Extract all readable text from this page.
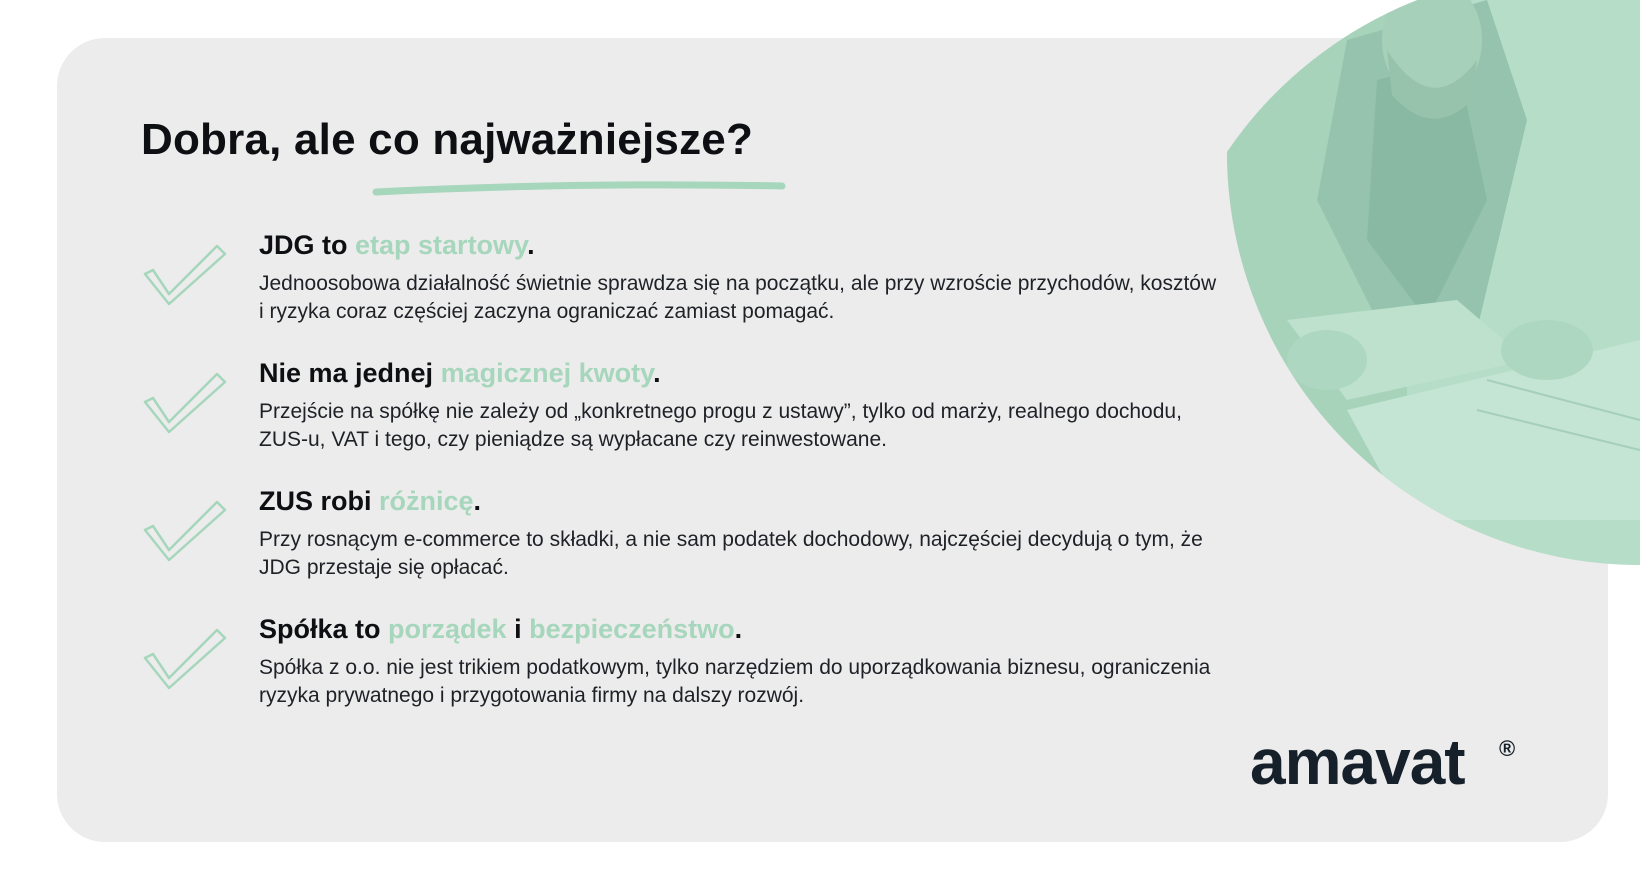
Dobra, ale co najważniejsze?
JDG to etap startowy.

Jednoosobowa działalność świetnie sprawdza się na początku, ale przy wzroście przychodów, kosztów i ryzyka coraz częściej zaczyna ograniczać zamiast pomagać.

Nie ma jednej magicznej kwoty.

Przejście na spółkę nie zależy od „konkretnego progu z ustawy”, tylko od marży, realnego dochodu, ZUS-u, VAT i tego, czy pieniądze są wypłacane czy reinwestowane.

ZUS robi różnicę.

Przy rosnącym e-commerce to składki, a nie sam podatek dochodowy, najczęściej decydują o tym, że JDG przestaje się opłacać.

Spółka to porządek i bezpieczeństwo.

Spółka z o.o. nie jest trikiem podatkowym, tylko narzędziem do uporządkowania biznesu, ograniczenia ryzyka prywatnego i przygotowania firmy na dalszy rozwój.

amavat ®
